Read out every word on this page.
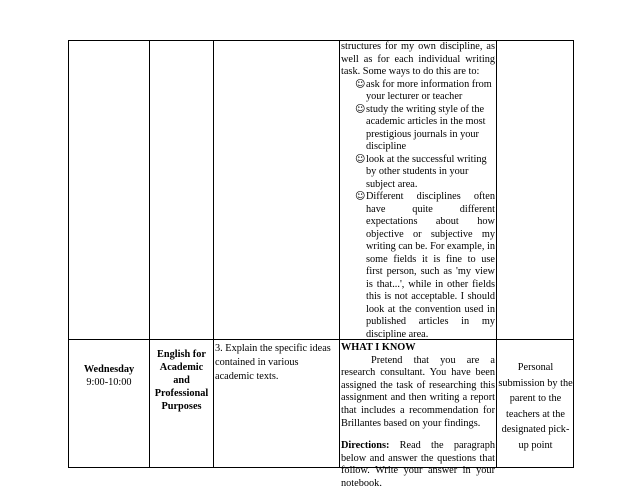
structures for my own discipline, as well as for each individual writing task. Some ways to do this are to:

☺ ask for more information from your lecturer or teacher
☺ study the writing style of the academic articles in the most prestigious journals in your discipline
☺ look at the successful writing by other students in your subject area.
☺ Different disciplines often have quite different expectations about how objective or subjective my writing can be. For example, in some fields it is fine to use first person, such as 'my view is that...', while in other fields this is not acceptable. I should look at the convention used in published articles in my discipline area.
Wednesday
9:00-10:00
English for Academic and Professional Purposes
3. Explain the specific ideas contained in various academic texts.
WHAT I KNOW

Pretend that you are a research consultant. You have been assigned the task of researching this assignment and then writing a report that includes a recommendation for Brillantes based on your findings.

Directions: Read the paragraph below and answer the questions that follow. Write your answer in your notebook.

Personal submission by the parent to the teachers at the designated pick-up point
